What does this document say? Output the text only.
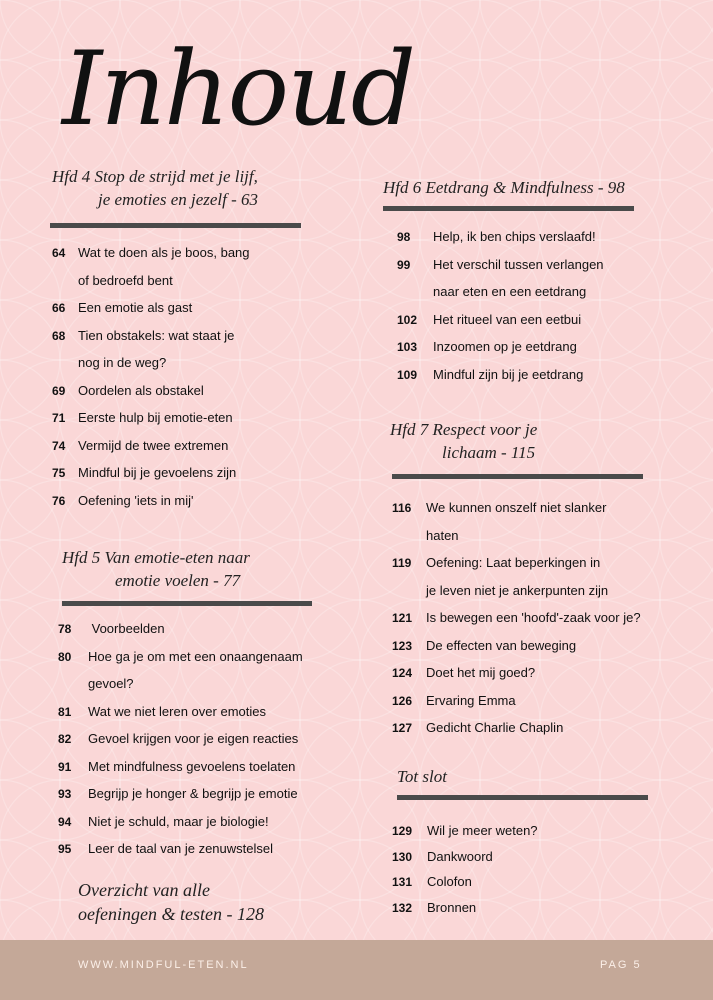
Inhoud
Hfd 4 Stop de strijd met je lijf,
je emoties en jezelf - 63
64 Wat te doen als je boos, bang
of bedroefd bent
66 Een emotie als gast
68 Tien obstakels: wat staat je
nog in de weg?
69 Oordelen als obstakel
71 Eerste hulp bij emotie-eten
74 Vermijd de twee extremen
75 Mindful bij je gevoelens zijn
76 Oefening 'iets in mij'
Hfd 5 Van emotie-eten naar
emotie voelen - 77
78 Voorbeelden
80 Hoe ga je om met een onaangenaam
gevoel?
81 Wat we niet leren over emoties
82 Gevoel krijgen voor je eigen reacties
91 Met mindfulness gevoelens toelaten
93 Begrijp je honger & begrijp je emotie
94 Niet je schuld, maar je biologie!
95 Leer de taal van je zenuwstelsel
Hfd 6 Eetdrang & Mindfulness - 98
98 Help, ik ben chips verslaafd!
99 Het verschil tussen verlangen
naar eten en een eetdrang
102 Het ritueel van een eetbui
103 Inzoomen op je eetdrang
109 Mindful zijn bij je eetdrang
Hfd 7 Respect voor je
lichaam - 115
116 We kunnen onszelf niet slanker
haten
119 Oefening: Laat beperkingen in
je leven niet je ankerpunten zijn
121 Is bewegen een 'hoofd'-zaak voor je?
123 De effecten van beweging
124 Doet het mij goed?
126 Ervaring Emma
127 Gedicht Charlie Chaplin
Tot slot
129 Wil je meer weten?
130 Dankwoord
131 Colofon
132 Bronnen
Overzicht van alle
oefeningen & testen - 128
WWW.MINDFUL-ETEN.NL	PAG 5
